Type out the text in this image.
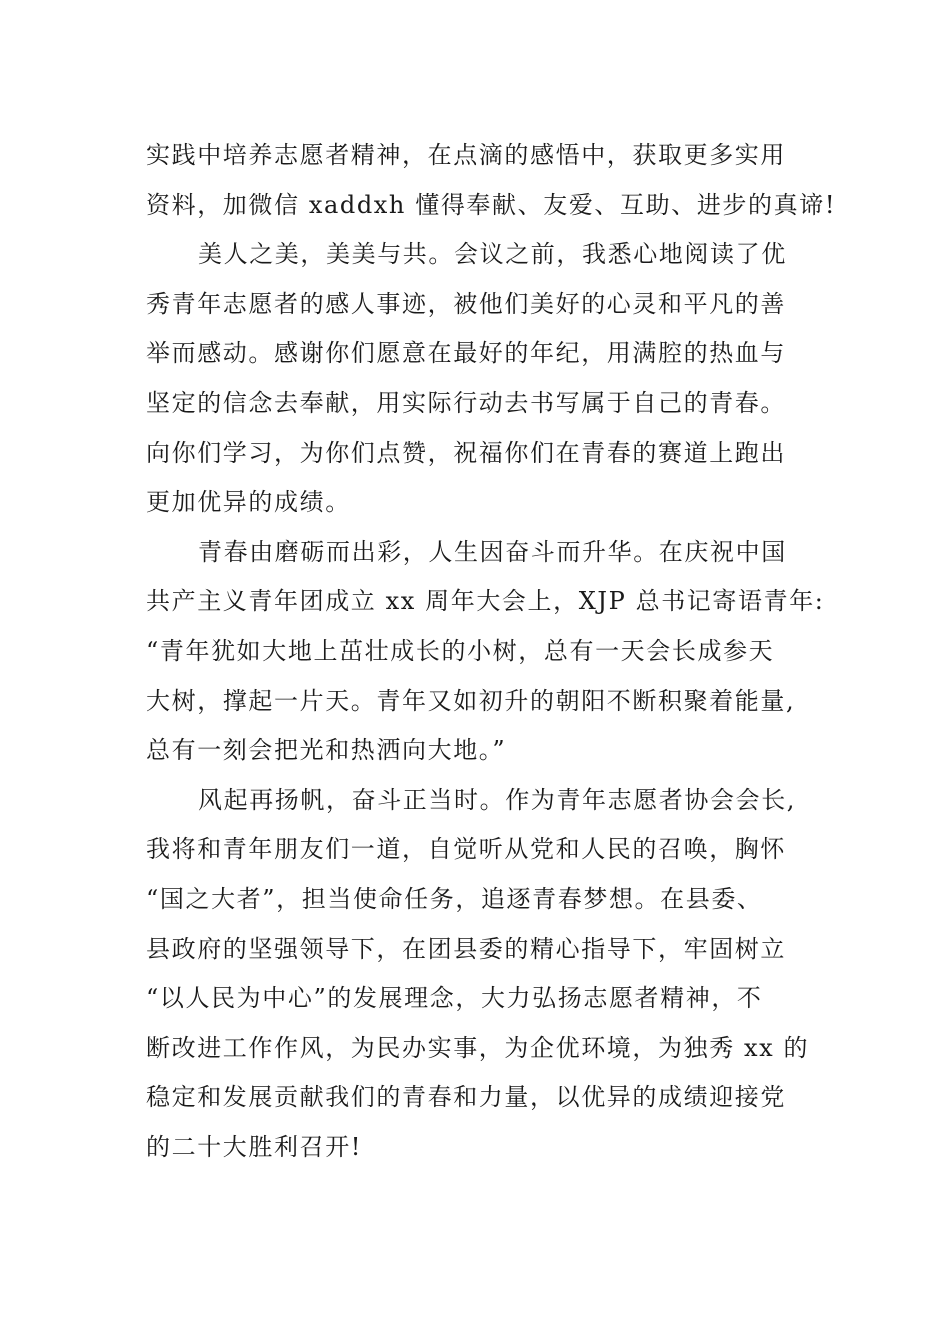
实践中培养志愿者精神，在点滴的感悟中，获取更多实用
资料，加微信 xaddxh 懂得奉献、友爱、互助、进步的真谛!
美人之美，美美与共。会议之前，我悉心地阅读了优
秀青年志愿者的感人事迹，被他们美好的心灵和平凡的善
举而感动。感谢你们愿意在最好的年纪，用满腔的热血与
坚定的信念去奉献，用实际行动去书写属于自己的青春。
向你们学习，为你们点赞，祝福你们在青春的赛道上跑出
更加优异的成绩。
青春由磨砺而出彩，人生因奋斗而升华。在庆祝中国
共产主义青年团成立 xx 周年大会上，XJP 总书记寄语青年:
“青年犹如大地上茁壮成长的小树，总有一天会长成参天
大树，撑起一片天。青年又如初升的朝阳不断积聚着能量,
总有一刻会把光和热洒向大地。”
风起再扬帆，奋斗正当时。作为青年志愿者协会会长,
我将和青年朋友们一道，自觉听从党和人民的召唤，胸怀
“国之大者”，担当使命任务，追逐青春梦想。在县委、
县政府的坚强领导下，在团县委的精心指导下，牢固树立
“以人民为中心”的发展理念，大力弘扬志愿者精神，不
断改进工作作风，为民办实事，为企优环境，为独秀 xx 的
稳定和发展贡献我们的青春和力量，以优异的成绩迎接党
的二十大胜利召开!
